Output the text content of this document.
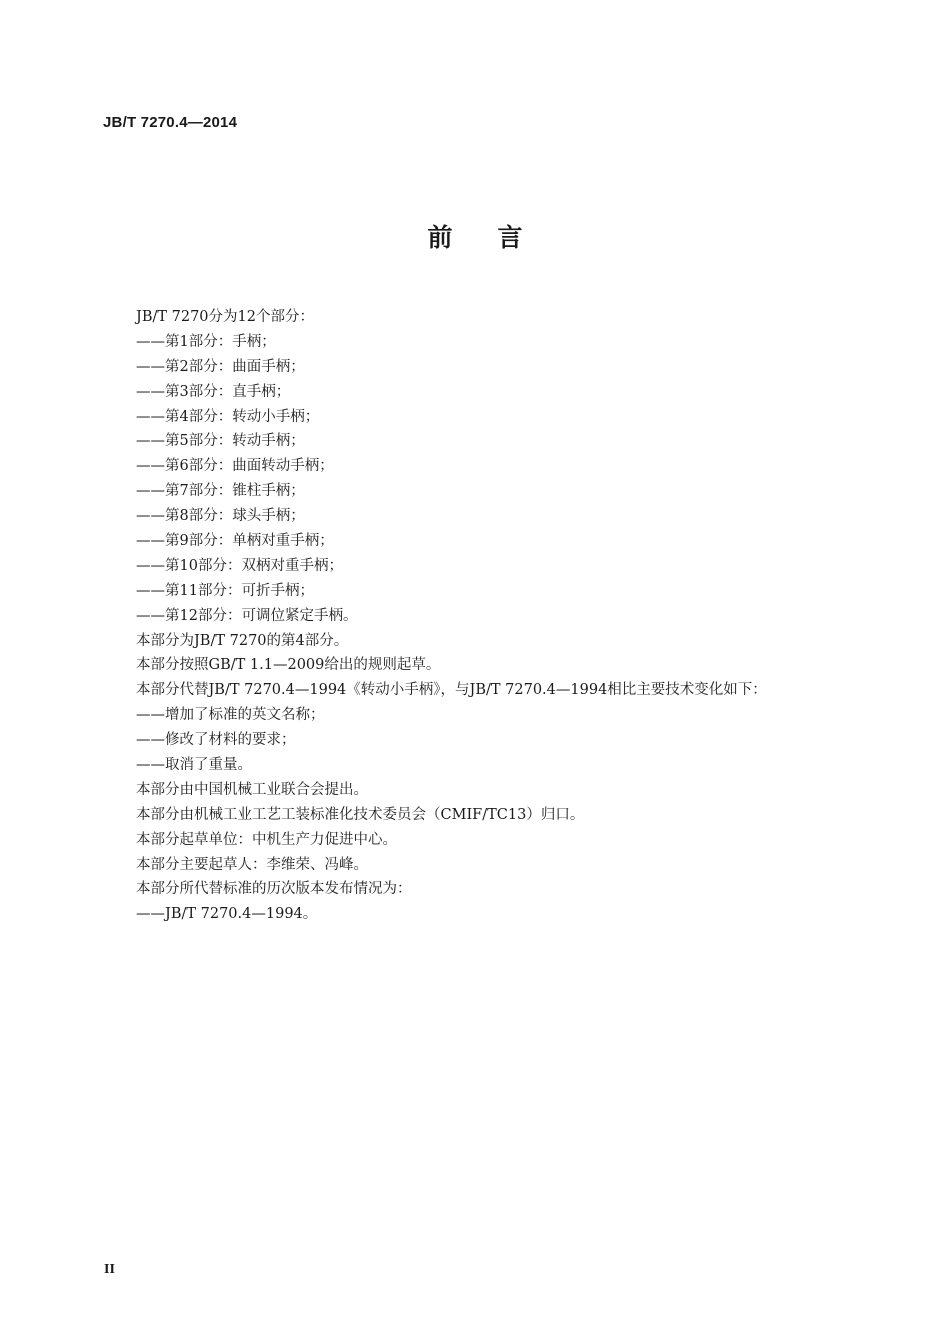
JB/T 7270.4—2014
前言
JB/T 7270分为12个部分：
——第1部分：手柄；
——第2部分：曲面手柄；
——第3部分：直手柄；
——第4部分：转动小手柄；
——第5部分：转动手柄；
——第6部分：曲面转动手柄；
——第7部分：锥柱手柄；
——第8部分：球头手柄；
——第9部分：单柄对重手柄；
——第10部分：双柄对重手柄；
——第11部分：可折手柄；
——第12部分：可调位紧定手柄。
本部分为JB/T 7270的第4部分。
本部分按照GB/T 1.1—2009给出的规则起草。
本部分代替JB/T 7270.4—1994《转动小手柄》，与JB/T 7270.4—1994相比主要技术变化如下：
——增加了标准的英文名称；
——修改了材料的要求；
——取消了重量。
本部分由中国机械工业联合会提出。
本部分由机械工业工艺工装标准化技术委员会（CMIF/TC13）归口。
本部分起草单位：中机生产力促进中心。
本部分主要起草人：李维荣、冯峰。
本部分所代替标准的历次版本发布情况为：
——JB/T 7270.4—1994。
II
